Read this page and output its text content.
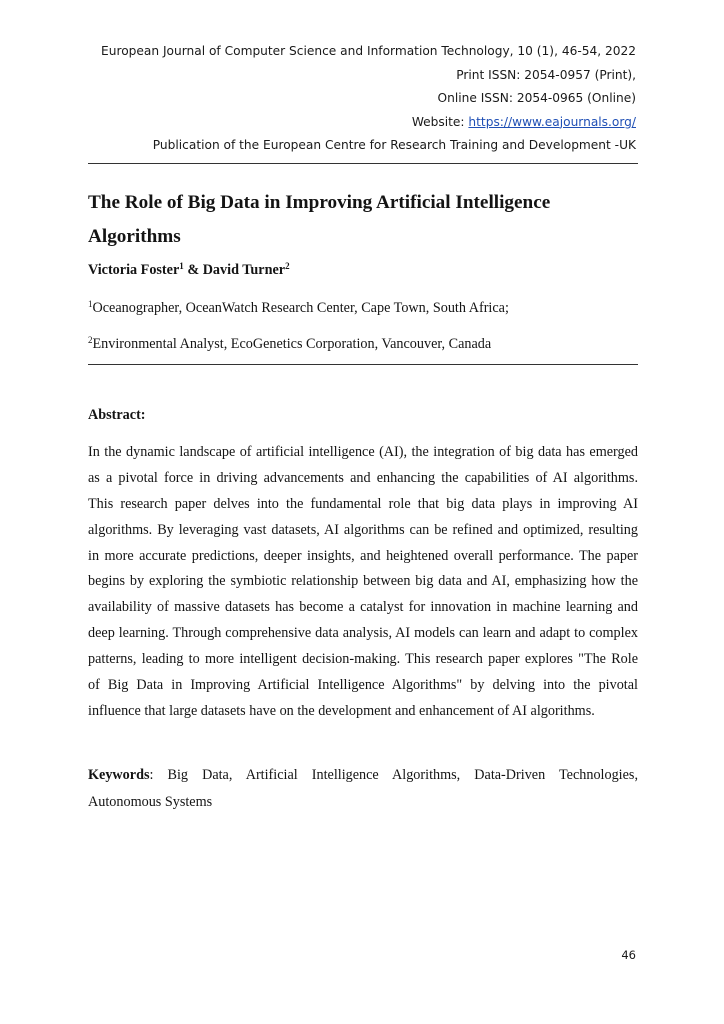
European Journal of Computer Science and Information Technology, 10 (1), 46-54, 2022
Print ISSN: 2054-0957 (Print),
Online ISSN: 2054-0965 (Online)
Website: https://www.eajournals.org/
Publication of the European Centre for Research Training and Development -UK
The Role of Big Data in Improving Artificial Intelligence
Algorithms
Victoria Foster$^1$ & David Turner$^2$
$^1$Oceanographer, OceanWatch Research Center, Cape Town, South Africa;
$^2$Environmental Analyst, EcoGenetics Corporation, Vancouver, Canada
Abstract:
In the dynamic landscape of artificial intelligence (AI), the integration of big data has emerged
as a pivotal force in driving advancements and enhancing the capabilities of AI algorithms.
This research paper delves into the fundamental role that big data plays in improving AI
algorithms. By leveraging vast datasets, AI algorithms can be refined and optimized, resulting
in more accurate predictions, deeper insights, and heightened overall performance. The paper
begins by exploring the symbiotic relationship between big data and AI, emphasizing how the
availability of massive datasets has become a catalyst for innovation in machine learning and
deep learning. Through comprehensive data analysis, AI models can learn and adapt to complex
patterns, leading to more intelligent decision-making. This research paper explores "The Role
of Big Data in Improving Artificial Intelligence Algorithms" by delving into the pivotal
influence that large datasets have on the development and enhancement of AI algorithms.
Keywords: Big Data, Artificial Intelligence Algorithms, Data-Driven Technologies,
Autonomous Systems
46
